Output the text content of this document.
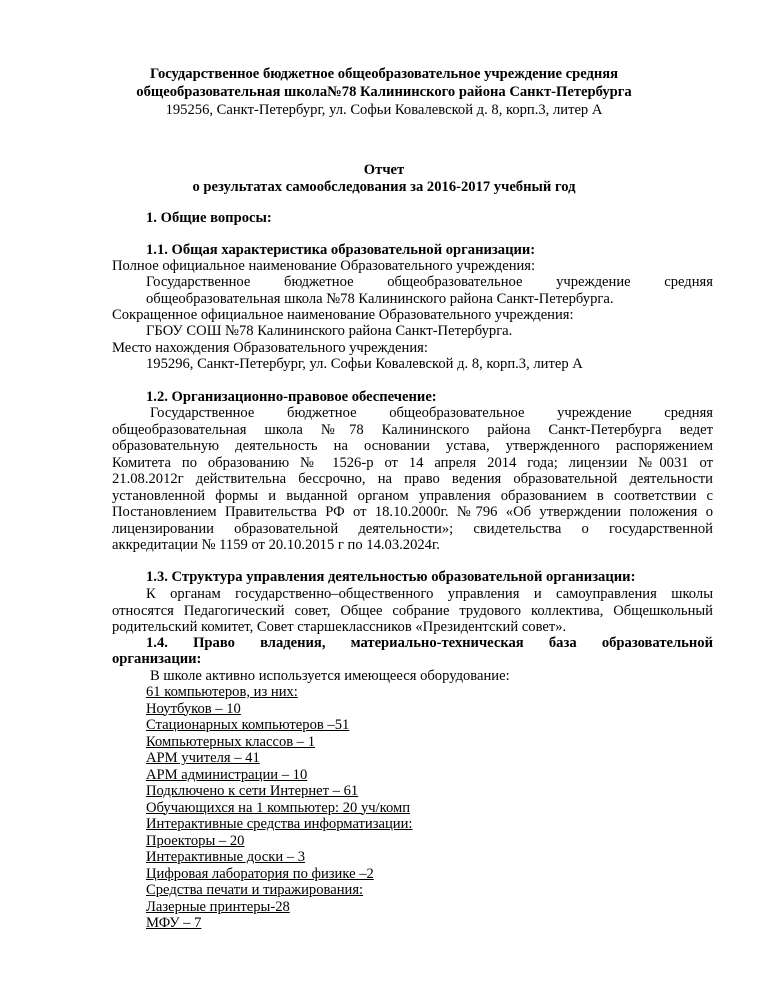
Государственное бюджетное общеобразовательное учреждение средняя
общеобразовательная школа№78 Калининского района Санкт-Петербурга
195256, Санкт-Петербург, ул. Софьи Ковалевской д. 8, корп.3, литер А
Отчет
о результатах самообследования за 2016-2017 учебный год
1. Общие вопросы:
1.1. Общая характеристика образовательной организации:
Полное официальное наименование Образовательного учреждения:
Государственное бюджетное общеобразовательное учреждение средняя
общеобразовательная школа №78 Калининского района Санкт-Петербурга.
Сокращенное официальное наименование Образовательного учреждения:
ГБОУ СОШ №78 Калининского района Санкт-Петербурга.
Место нахождения Образовательного учреждения:
195296, Санкт-Петербург, ул. Софьи Ковалевской д. 8, корп.3, литер А
1.2. Организационно-правовое обеспечение:
Государственное бюджетное общеобразовательное учреждение средняя
общеобразовательная школа №78 Калининского района Санкт-Петербурга ведет
образовательную деятельность на основании устава, утвержденного распоряжением
Комитета по образованию № 1526-р от 14 апреля 2014 года; лицензии №0031 от
21.08.2012г действительна бессрочно, на право ведения образовательной деятельности
установленной формы и выданной органом управления образованием в соответствии с
Постановлением Правительства РФ от 18.10.2000г. №796 «Об утверждении положения о
лицензировании образовательной деятельности»; свидетельства о государственной
аккредитации № 1159 от 20.10.2015 г по 14.03.2024г.
1.3. Структура управления деятельностью образовательной организации:
К органам государственно–общественного управления и самоуправления школы
относятся Педагогический совет, Общее собрание трудового коллектива, Общешкольный
родительский комитет, Совет старшеклассников «Президентский совет».
1.4. Право владения, материально-техническая база образовательной
организации:
В школе активно используется имеющееся оборудование:
61 компьютеров, из них:
Ноутбуков – 10
Стационарных компьютеров –51
Компьютерных классов – 1
АРМ учителя – 41
АРМ администрации – 10
Подключено к сети Интернет – 61
Обучающихся на 1 компьютер: 20 уч/комп
Интерактивные средства информатизации:
Проекторы – 20
Интерактивные доски – 3
Цифровая лаборатория по физике –2
Средства печати и тиражирования:
Лазерные принтеры-28
МФУ – 7
